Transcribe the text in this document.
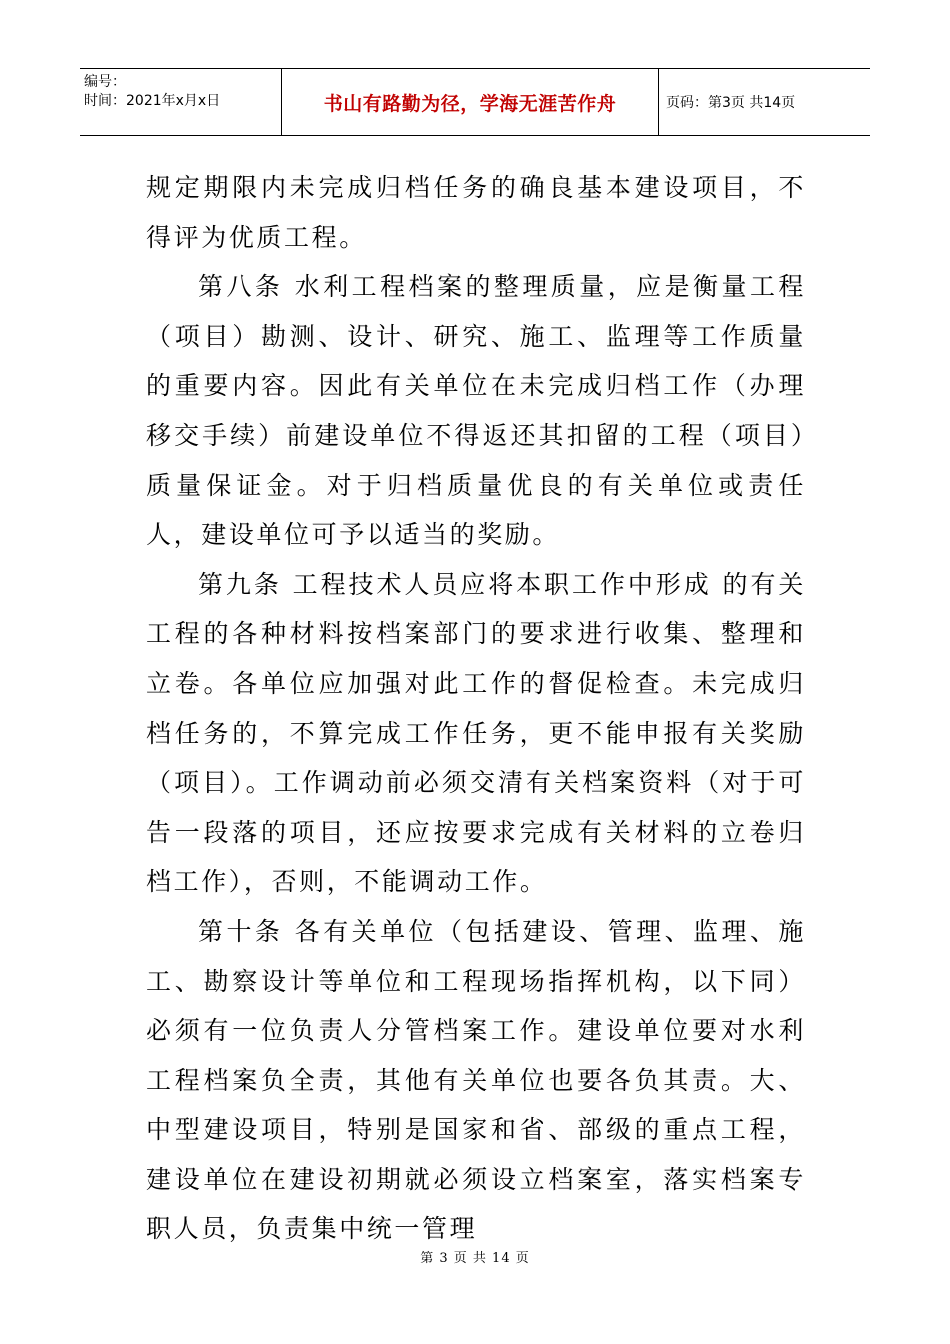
编号：
时间：2021年x月x日	书山有路勤为径，学海无涯苦作舟	页码：第3页 共14页

规定期限内未完成归档任务的确良基本建设项目，不得评为优质工程。

第八条 水利工程档案的整理质量，应是衡量工程（项目）勘测、设计、研究、施工、监理等工作质量的重要内容。因此有关单位在未完成归档工作（办理移交手续）前建设单位不得返还其扣留的工程（项目）质量保证金。对于归档质量优良的有关单位或责任人，建设单位可予以适当的奖励。

第九条 工程技术人员应将本职工作中形成 的有关工程的各种材料按档案部门的要求进行收集、整理和立卷。各单位应加强对此工作的督促检查。未完成归档任务的，不算完成工作任务，更不能申报有关奖励（项目）。工作调动前必须交清有关档案资料（对于可告一段落的项目，还应按要求完成有关材料的立卷归档工作），否则，不能调动工作。

第十条 各有关单位（包括建设、管理、监理、施工、勘察设计等单位和工程现场指挥机构，以下同）必须有一位负责人分管档案工作。建设单位要对水利工程档案负全责，其他有关单位也要各负其责。大、中型建设项目，特别是国家和省、部级的重点工程，建设单位在建设初期就必须设立档案室，落实档案专职人员，负责集中统一管理

第 3 页 共 14 页
